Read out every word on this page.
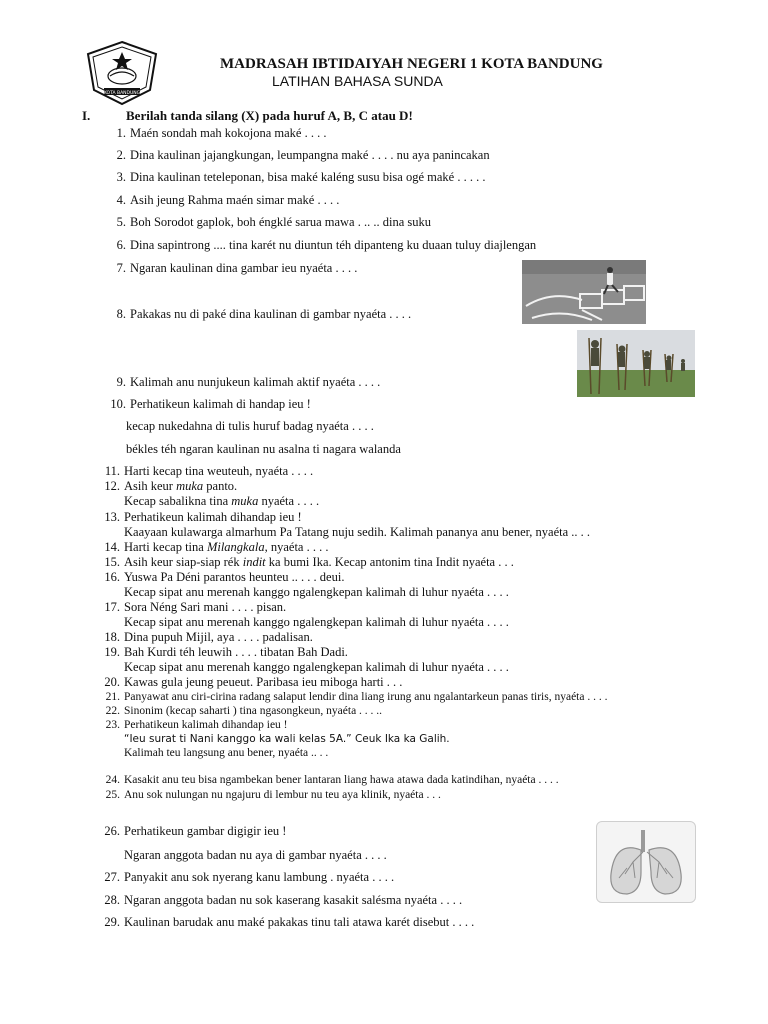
KOTA BANDUNG
MADRASAH IBTIDAIYAH NEGERI 1 KOTA BANDUNG
LATIHAN BAHASA SUNDA
I.	Berilah tanda silang (X) pada huruf A, B, C atau D!
1. Maén sondah mah kokojona maké . . . .
2. Dina kaulinan jajangkungan, leumpangna maké . . . . nu aya panincakan
3. Dina kaulinan teteleponan, bisa maké kaléng susu bisa ogé maké . . . . .
4. Asih jeung Rahma maén simar maké . . . .
5. Boh Sorodot gaplok, boh éngklé sarua mawa . .. .. dina suku
6. Dina sapintrong .... tina karét nu diuntun téh dipanteng ku duaan tuluy diajlengan
7. Ngaran kaulinan dina gambar ieu nyaéta . . . .
8. Pakakas nu di paké dina kaulinan di gambar nyaéta . . . .
9. Kalimah anu nunjukeun kalimah aktif nyaéta . . . .
10. Perhatikeun kalimah di handap ieu !
kecap nukedahna di tulis huruf badag nyaéta . . . .
békles téh ngaran kaulinan nu asalna ti nagara walanda
11. Harti kecap tina weuteuh, nyaéta . . . .
12. Asih keur muka panto.
Kecap sabalikna tina muka nyaéta . . . .
13. Perhatikeun kalimah dihandap ieu !
Kaayaan kulawarga almarhum Pa Tatang nuju sedih. Kalimah pananya anu bener, nyaéta .. . .
14. Harti kecap tina Milangkala, nyaéta . . . .
15. Asih keur siap-siap rék indit ka bumi Ika. Kecap antonim tina Indit nyaéta . . .
16. Yuswa Pa Déni parantos heunteu .. . . . deui.
Kecap sipat anu merenah kanggo ngalengkepan kalimah di luhur nyaéta . . . .
17. Sora Néng Sari mani . . . . pisan.
Kecap sipat anu merenah kanggo ngalengkepan kalimah di luhur nyaéta . . . .
18. Dina pupuh Mijil, aya . . . . padalisan.
19. Bah Kurdi téh leuwih . . . . tibatan Bah Dadi.
Kecap sipat anu merenah kanggo ngalengkepan kalimah di luhur nyaéta . . . .
20. Kawas gula jeung peueut. Paribasa ieu miboga harti . . .
21. Panyawat anu ciri-cirina radang salaput lendir dina liang irung anu ngalantarkeun panas tiris, nyaéta . . . .
22. Sinonim (kecap saharti ) tina ngasongkeun, nyaéta . . . ..
23. Perhatikeun kalimah dihandap ieu !
“Ieu surat ti Nani kanggo ka wali kelas 5A.” Ceuk Ika ka Galih.
Kalimah teu langsung anu bener, nyaéta .. . .
24. Kasakit anu teu bisa ngambekan bener lantaran liang hawa atawa dada katindihan, nyaéta . . . .
25. Anu sok nulungan nu ngajuru di lembur nu teu aya klinik, nyaéta . . .
26. Perhatikeun gambar digigir ieu !
Ngaran anggota badan nu aya di gambar nyaéta . . . .
27. Panyakit anu sok nyerang kanu lambung . nyaéta . . . .
28. Ngaran anggota badan nu sok kaserang kasakit salésma nyaéta . . . .
29. Kaulinan barudak anu maké pakakas tinu tali atawa karét disebut . . . .
